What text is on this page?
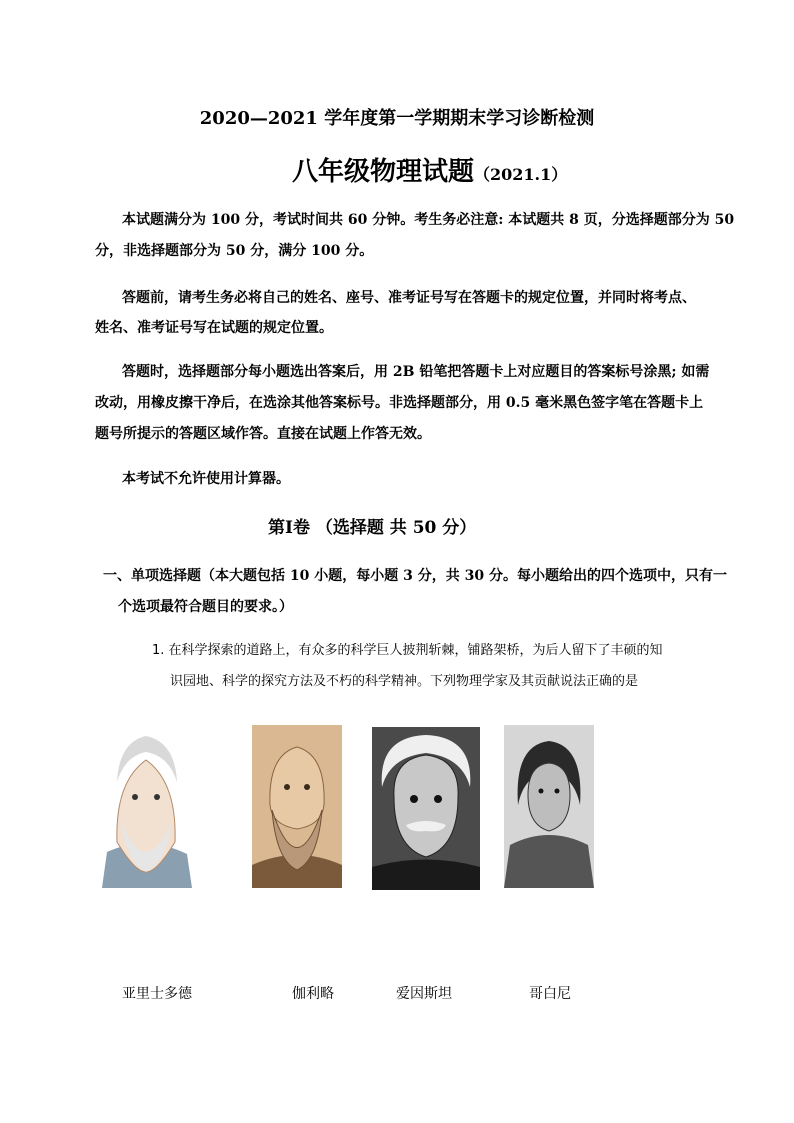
2020—2021 学年度第一学期期末学习诊断检测
八年级物理试题（2021.1）
本试题满分为 100 分，考试时间共 60 分钟。考生务必注意: 本试题共 8 页，分选择题部分为 50
分，非选择题部分为 50 分，满分 100 分。
答题前，请考生务必将自己的姓名、座号、准考证号写在答题卡的规定位置，并同时将考点、
姓名、准考证号写在试题的规定位置。
答题时，选择题部分每小题选出答案后，用 2B 铅笔把答题卡上对应题目的答案标号涂黑; 如需
改动，用橡皮擦干净后，在选涂其他答案标号。非选择题部分，用 0.5 毫米黑色签字笔在答题卡上
题号所提示的答题区域作答。直接在试题上作答无效。
本考试不允许使用计算器。
第Ⅰ卷 （选择题 共 50 分）
一、单项选择题（本大题包括 10 小题，每小题 3 分，共 30 分。每小题给出的四个选项中，只有一
个选项最符合题目的要求。）
1. 在科学探索的道路上，有众多的科学巨人披荆斩棘，铺路架桥，为后人留下了丰硕的知
识园地、科学的探究方法及不朽的科学精神。下列物理学家及其贡献说法正确的是
亚里士多德	伽利略	爱因斯坦	哥白尼
